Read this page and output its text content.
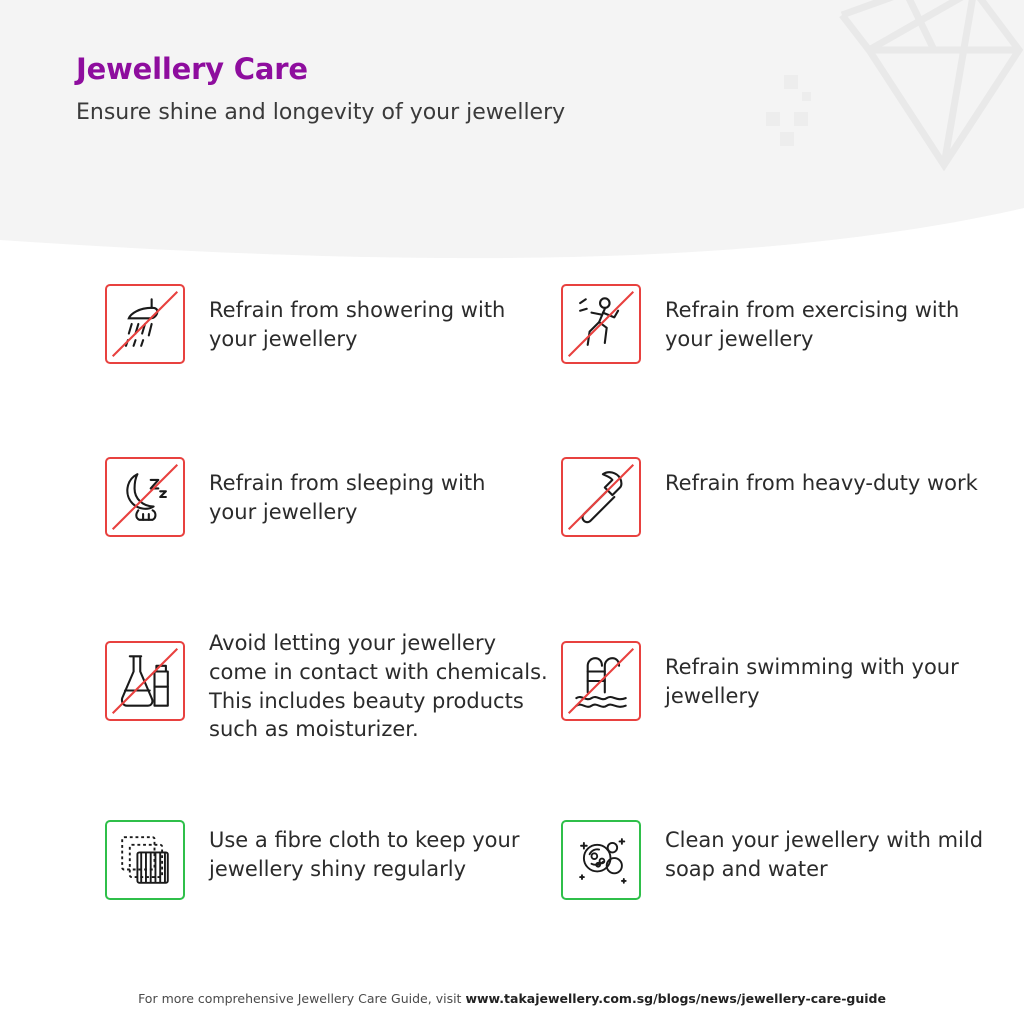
Jewellery Care

Ensure shine and longevity of your jewellery

Refrain from showering with your jewellery
Refrain from exercising with your jewellery
Refrain from sleeping with your jewellery
Refrain from heavy-duty work
Avoid letting your jewellery come in contact with chemicals. This includes beauty products such as moisturizer.
Refrain swimming with your jewellery
Use a fibre cloth to keep your jewellery shiny regularly
Clean your jewellery with mild soap and water
For more comprehensive Jewellery Care Guide, visit www.takajewellery.com.sg/blogs/news/jewellery-care-guide
